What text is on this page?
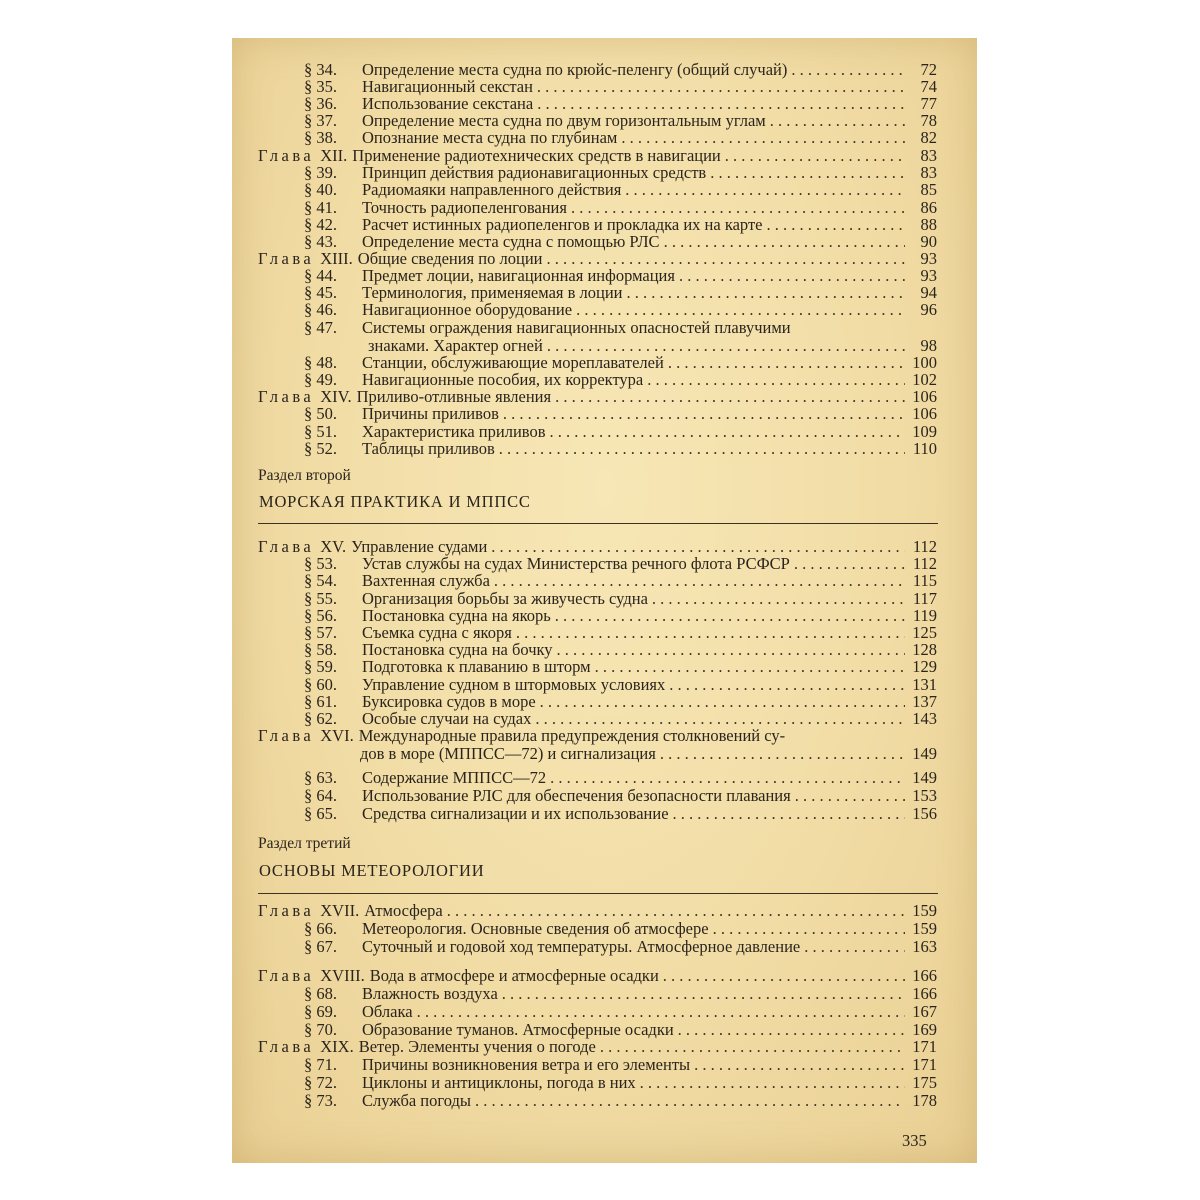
§ 34.	Определение места судна по крюйс-пеленгу (общий случай) . . .	72
§ 35.	Навигационный секстан . . .	74
§ 36.	Использование секстана . . .	77
§ 37.	Определение места судна по двум горизонтальным углам . . .	78
§ 38.	Опознание места судна по глубинам . . .	82
Глава XII. Применение радиотехнических средств в навигации . . .	83
§ 39.	Принцип действия радионавигационных средств . . .	83
§ 40.	Радиомаяки направленного действия . . .	85
§ 41.	Точность радиопеленгования . . .	86
§ 42.	Расчет истинных радиопеленгов и прокладка их на карте . . .	88
§ 43.	Определение места судна с помощью РЛС . . .	90
Глава XIII. Общие сведения по лоции . . .	93
§ 44.	Предмет лоции, навигационная информация . . .	93
§ 45.	Терминология, применяемая в лоции . . .	94
§ 46.	Навигационное оборудование . . .	96
§ 47.	Системы ограждения навигационных опасностей плавучими
знаками. Характер огней . . .	98
§ 48.	Станции, обслуживающие мореплавателей . . .	100
§ 49.	Навигационные пособия, их корректура . . .	102
Глава XIV. Приливо-отливные явления . . .	106
§ 50.	Причины приливов . . .	106
§ 51.	Характеристика приливов . . .	109
§ 52.	Таблицы приливов . . .	110
Глава XV. Управление судами . . .	112
§ 53.	Устав службы на судах Министерства речного флота РСФСР . . .	112
§ 54.	Вахтенная служба . . .	115
§ 55.	Организация борьбы за живучесть судна . . .	117
§ 56.	Постановка судна на якорь . . .	119
§ 57.	Съемка судна с якоря . . .	125
§ 58.	Постановка судна на бочку . . .	128
§ 59.	Подготовка к плаванию в шторм . . .	129
§ 60.	Управление судном в штормовых условиях . . .	131
§ 61.	Буксировка судов в море . . .	137
§ 62.	Особые случаи на судах . . .	143
Глава XVI. Международные правила предупреждения столкновений су-
дов в море (МППСС—72) и сигнализация . . .	149
§ 63.	Содержание МППСС—72 . . .	149
§ 64.	Использование РЛС для обеспечения безопасности плавания . . .	153
§ 65.	Средства сигнализации и их использование . . .	156
Глава XVII. Атмосфера . . .	159
§ 66.	Метеорология. Основные сведения об атмосфере . . .	159
§ 67.	Суточный и годовой ход температуры. Атмосферное давление . . .	163
Глава XVIII. Вода в атмосфере и атмосферные осадки . . .	166
§ 68.	Влажность воздуха . . .	166
§ 69.	Облака . . .	167
§ 70.	Образование туманов. Атмосферные осадки . . .	169
Глава XIX. Ветер. Элементы учения о погоде . . .	171
§ 71.	Причины возникновения ветра и его элементы . . .	171
§ 72.	Циклоны и антициклоны, погода в них . . .	175
§ 73.	Служба погоды . . .	178
Раздел второй
МОРСКАЯ ПРАКТИКА И МППСС
Раздел третий
ОСНОВЫ МЕТЕОРОЛОГИИ
335
